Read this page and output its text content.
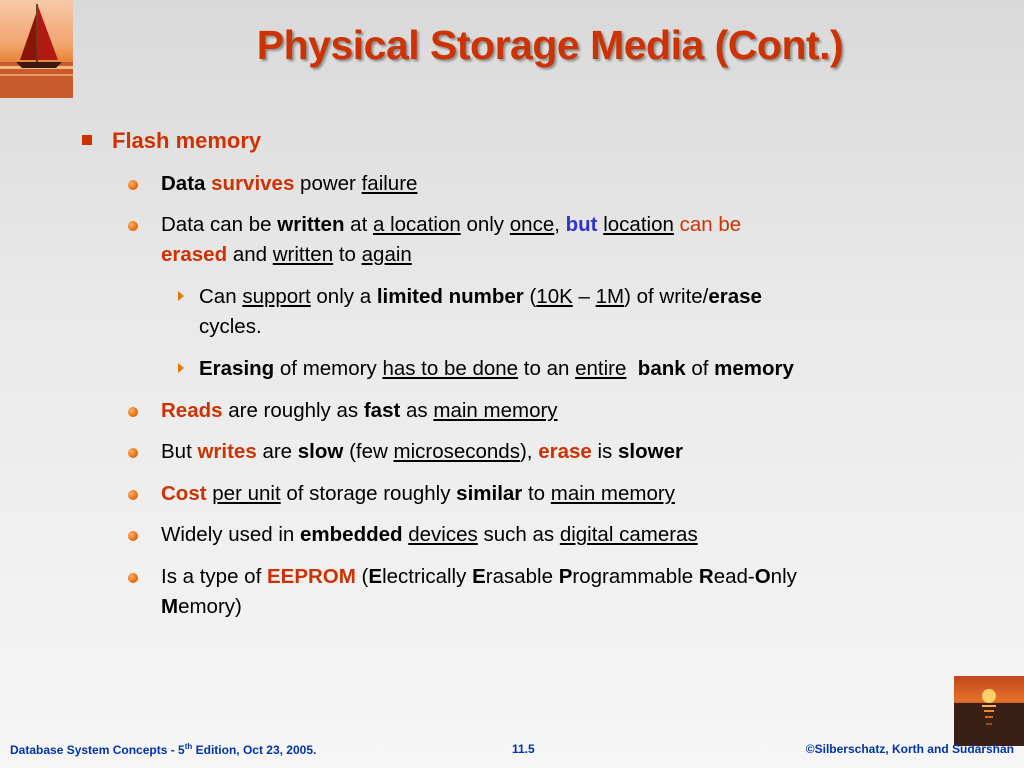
Physical Storage Media (Cont.)
Flash memory
Data survives power failure
Data can be written at a location only once, but location can be
erased and written to again
Can support only a limited number (10K – 1M) of write/erase
cycles.
Erasing of memory has to be done to an entire bank of memory
Reads are roughly as fast as main memory
But writes are slow (few microseconds), erase is slower
Cost per unit of storage roughly similar to main memory
Widely used in embedded devices such as digital cameras
Is a type of EEPROM (Electrically Erasable Programmable Read-Only
Memory)
Database System Concepts - 5th Edition, Oct 23, 2005.	11.5	©Silberschatz, Korth and Sudarshan
